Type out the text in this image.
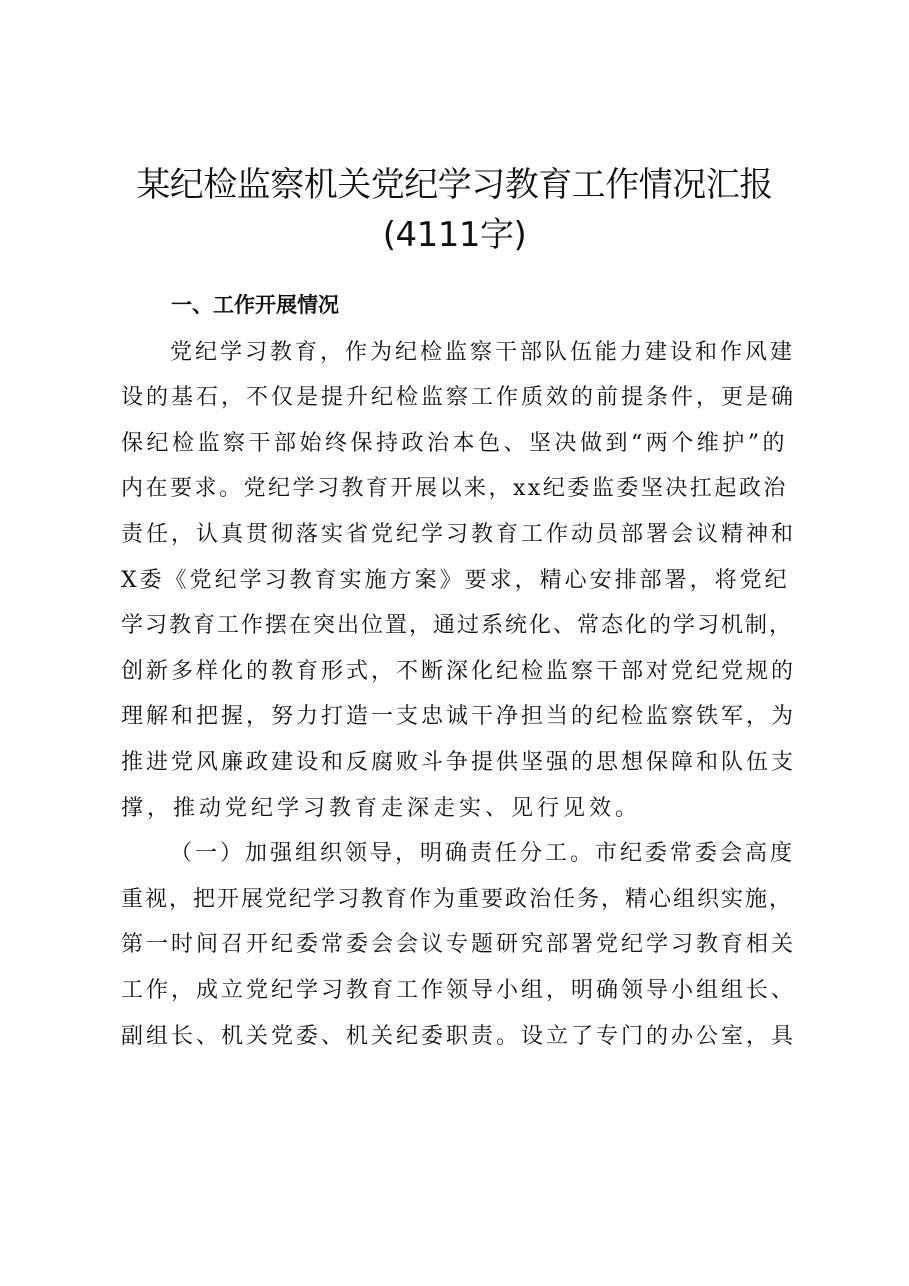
某纪检监察机关党纪学习教育工作情况汇报
(4111字)
一、工作开展情况
党纪学习教育，作为纪检监察干部队伍能力建设和作风建
设的基石，不仅是提升纪检监察工作质效的前提条件，更是确
保纪检监察干部始终保持政治本色、坚决做到“两个维护”的
内在要求。党纪学习教育开展以来，xx纪委监委坚决扛起政治
责任，认真贯彻落实省党纪学习教育工作动员部署会议精神和
X委《党纪学习教育实施方案》要求，精心安排部署，将党纪
学习教育工作摆在突出位置，通过系统化、常态化的学习机制，
创新多样化的教育形式，不断深化纪检监察干部对党纪党规的
理解和把握，努力打造一支忠诚干净担当的纪检监察铁军，为
推进党风廉政建设和反腐败斗争提供坚强的思想保障和队伍支
撑，推动党纪学习教育走深走实、见行见效。
（一）加强组织领导，明确责任分工。市纪委常委会高度
重视，把开展党纪学习教育作为重要政治任务，精心组织实施，
第一时间召开纪委常委会会议专题研究部署党纪学习教育相关
工作，成立党纪学习教育工作领导小组，明确领导小组组长、
副组长、机关党委、机关纪委职责。设立了专门的办公室，具
